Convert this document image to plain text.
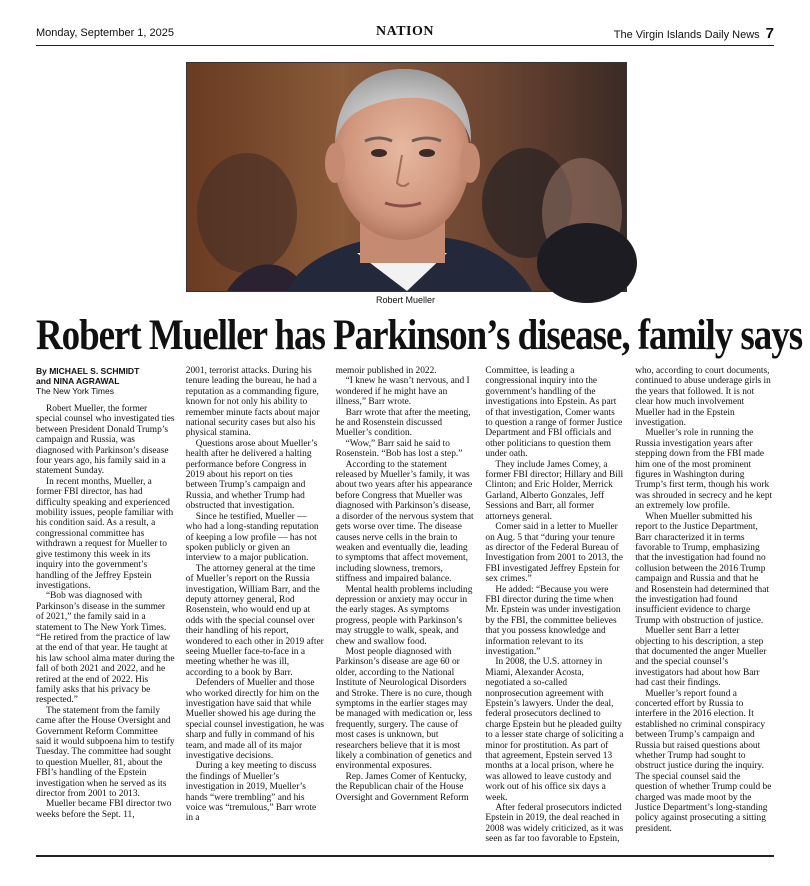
Monday, September 1, 2025	NATION	The Virgin Islands Daily News 7
Robert Mueller
Robert Mueller has Parkinson’s disease, family says
By MICHAEL S. SCHMIDT
and NINA AGRAWAL
The New York Times

Robert Mueller, the former special counsel who investigated ties between President Donald Trump’s campaign and Russia, was diagnosed with Parkinson’s disease four years ago, his family said in a statement Sunday.

In recent months, Mueller, a former FBI director, has had difficulty speaking and experienced mobility issues, people familiar with his condition said. As a result, a congressional committee has withdrawn a request for Mueller to give testimony this week in its inquiry into the government’s handling of the Jeffrey Epstein investigations.

“Bob was diagnosed with Parkinson’s disease in the summer of 2021,” the family said in a statement to The New York Times. “He retired from the practice of law at the end of that year. He taught at his law school alma mater during the fall of both 2021 and 2022, and he retired at the end of 2022. His family asks that his privacy be respected.”

The statement from the family came after the House Oversight and Government Reform Committee said it would subpoena him to testify Tuesday. The committee had sought to question Mueller, 81, about the FBI’s handling of the Epstein investigation when he served as its director from 2001 to 2013.

Mueller became FBI director two weeks before the Sept. 11,

2001, terrorist attacks. During his tenure leading the bureau, he had a reputation as a commanding figure, known for not only his ability to remember minute facts about major national security cases but also his physical stamina.

Questions arose about Mueller’s health after he delivered a halting performance before Congress in 2019 about his report on ties between Trump’s campaign and Russia, and whether Trump had obstructed that investigation.

Since he testified, Mueller — who had a long-standing reputation of keeping a low profile — has not spoken publicly or given an interview to a major publication.

The attorney general at the time of Mueller’s report on the Russia investigation, William Barr, and the deputy attorney general, Rod Rosenstein, who would end up at odds with the special counsel over their handling of his report, wondered to each other in 2019 after seeing Mueller face-to-face in a meeting whether he was ill, according to a book by Barr.

Defenders of Mueller and those who worked directly for him on the investigation have said that while Mueller showed his age during the special counsel investigation, he was sharp and fully in command of his team, and made all of its major investigative decisions.

During a key meeting to discuss the findings of Mueller’s investigation in 2019, Mueller’s hands “were trembling” and his voice was “tremulous,” Barr wrote in a

memoir published in 2022.

“I knew he wasn’t nervous, and I wondered if he might have an illness,” Barr wrote.

Barr wrote that after the meeting, he and Rosenstein discussed Mueller’s condition.

“Wow,” Barr said he said to Rosenstein. “Bob has lost a step.”

According to the statement released by Mueller’s family, it was about two years after his appearance before Congress that Mueller was diagnosed with Parkinson’s disease, a disorder of the nervous system that gets worse over time. The disease causes nerve cells in the brain to weaken and eventually die, leading to symptoms that affect movement, including slowness, tremors, stiffness and impaired balance.

Mental health problems including depression or anxiety may occur in the early stages. As symptoms progress, people with Parkinson’s may struggle to walk, speak, and chew and swallow food.

Most people diagnosed with Parkinson’s disease are age 60 or older, according to the National Institute of Neurological Disorders and Stroke. There is no cure, though symptoms in the earlier stages may be managed with medication or, less frequently, surgery. The cause of most cases is unknown, but researchers believe that it is most likely a combination of genetics and environmental exposures.

Rep. James Comer of Kentucky, the Republican chair of the House Oversight and Government Reform

Committee, is leading a congressional inquiry into the government’s handling of the investigations into Epstein. As part of that investigation, Comer wants to question a range of former Justice Department and FBI officials and other politicians to question them under oath.

They include James Comey, a former FBI director; Hillary and Bill Clinton; and Eric Holder, Merrick Garland, Alberto Gonzales, Jeff Sessions and Barr, all former attorneys general.

Comer said in a letter to Mueller on Aug. 5 that “during your tenure as director of the Federal Bureau of Investigation from 2001 to 2013, the FBI investigated Jeffrey Epstein for sex crimes.”

He added: “Because you were FBI director during the time when Mr. Epstein was under investigation by the FBI, the committee believes that you possess knowledge and information relevant to its investigation.”

In 2008, the U.S. attorney in Miami, Alexander Acosta, negotiated a so-called nonprosecution agreement with Epstein’s lawyers. Under the deal, federal prosecutors declined to charge Epstein but he pleaded guilty to a lesser state charge of soliciting a minor for prostitution. As part of that agreement, Epstein served 13 months at a local prison, where he was allowed to leave custody and work out of his office six days a week.

After federal prosecutors indicted Epstein in 2019, the deal reached in 2008 was widely criticized, as it was seen as far too favorable to Epstein,

who, according to court documents, continued to abuse underage girls in the years that followed. It is not clear how much involvement Mueller had in the Epstein investigation.

Mueller’s role in running the Russia investigation years after stepping down from the FBI made him one of the most prominent figures in Washington during Trump’s first term, though his work was shrouded in secrecy and he kept an extremely low profile.

When Mueller submitted his report to the Justice Department, Barr characterized it in terms favorable to Trump, emphasizing that the investigation had found no collusion between the 2016 Trump campaign and Russia and that he and Rosenstein had determined that the investigation had found insufficient evidence to charge Trump with obstruction of justice.

Mueller sent Barr a letter objecting to his description, a step that documented the anger Mueller and the special counsel’s investigators had about how Barr had cast their findings.

Mueller’s report found a concerted effort by Russia to interfere in the 2016 election. It established no criminal conspiracy between Trump’s campaign and Russia but raised questions about whether Trump had sought to obstruct justice during the inquiry. The special counsel said the question of whether Trump could be charged was made moot by the Justice Department’s long-standing policy against prosecuting a sitting president.
